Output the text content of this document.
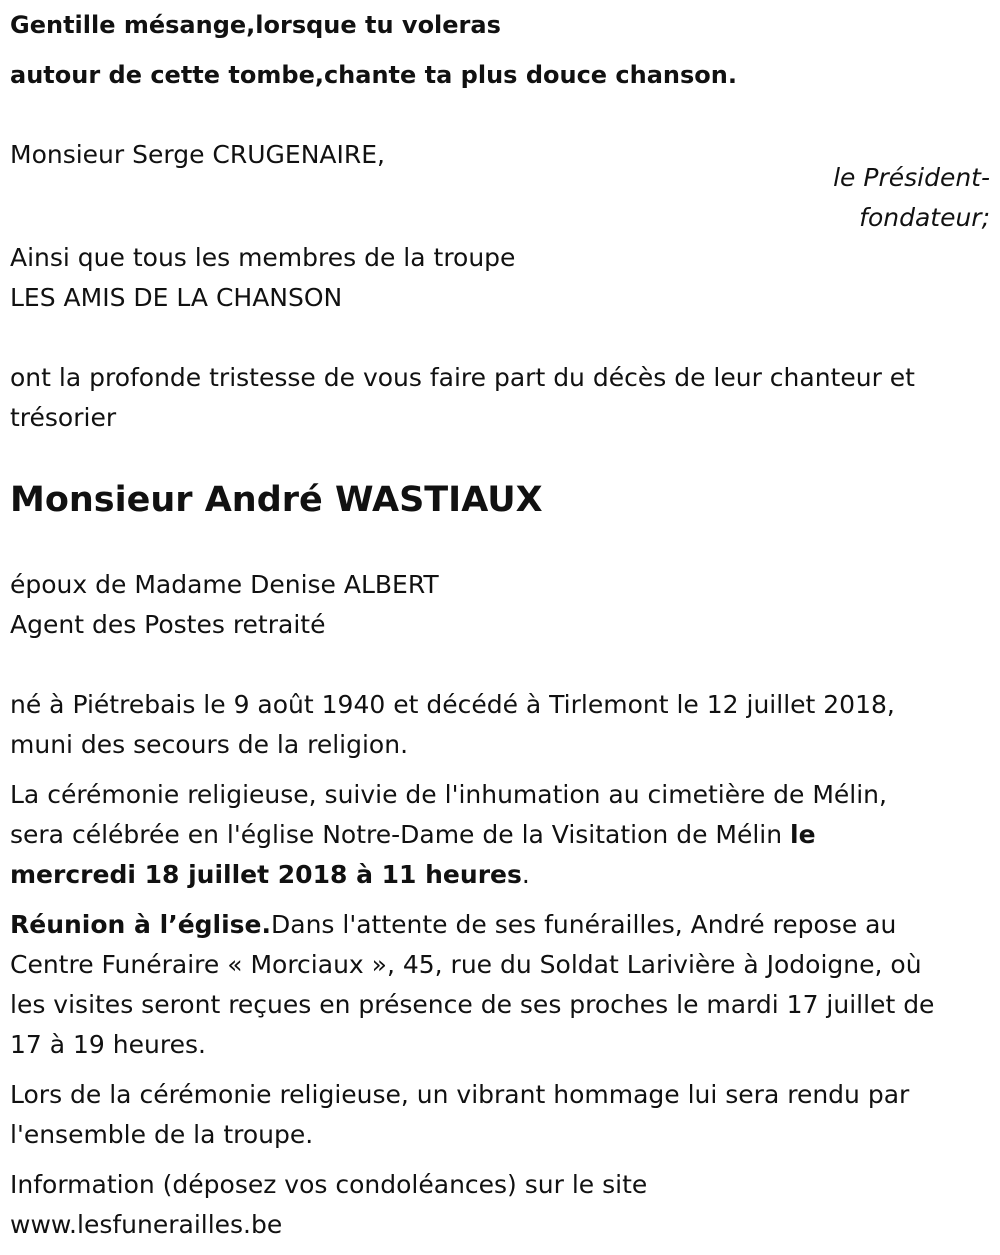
Gentille mésange,lorsque tu voleras
autour de cette tombe,chante ta plus douce chanson.
Monsieur Serge CRUGENAIRE,
le Président-
fondateur;
Ainsi que tous les membres de la troupe
LES AMIS DE LA CHANSON
ont la profonde tristesse de vous faire part du décès de leur chanteur et
trésorier
Monsieur André WASTIAUX
époux de Madame Denise ALBERT
Agent des Postes retraité
né à Piétrebais le 9 août 1940 et décédé à Tirlemont le 12 juillet 2018,
muni des secours de la religion.
La cérémonie religieuse, suivie de l'inhumation au cimetière de Mélin,
sera célébrée en l'église Notre-Dame de la Visitation de Mélin le
mercredi 18 juillet 2018 à 11 heures.
Réunion à l’église.Dans l'attente de ses funérailles, André repose au
Centre Funéraire « Morciaux », 45, rue du Soldat Larivière à Jodoigne, où
les visites seront reçues en présence de ses proches le mardi 17 juillet de
17 à 19 heures.
Lors de la cérémonie religieuse, un vibrant hommage lui sera rendu par
l'ensemble de la troupe.
Information (déposez vos condoléances) sur le site
www.lesfunerailles.be
